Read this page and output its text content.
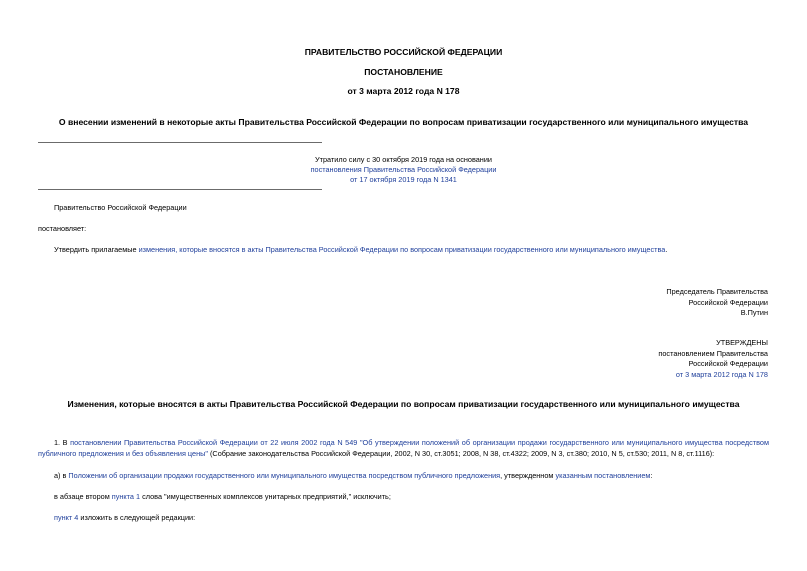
ПРАВИТЕЛЬСТВО РОССИЙСКОЙ ФЕДЕРАЦИИ
ПОСТАНОВЛЕНИЕ
от 3 марта 2012 года N 178
О внесении изменений в некоторые акты Правительства Российской Федерации по вопросам приватизации государственного или муниципального имущества
Утратило силу с 30 октября 2019 года на основании
постановления Правительства Российской Федерации
от 17 октября 2019 года N 1341
Правительство Российской Федерации
постановляет:
Утвердить прилагаемые изменения, которые вносятся в акты Правительства Российской Федерации по вопросам приватизации государственного или муниципального имущества.

Председатель Правительства

Российской Федерации

В.Путин

УТВЕРЖДЕНЫ

постановлением Правительства

Российской Федерации

от 3 марта 2012 года N 178

Изменения, которые вносятся в акты Правительства Российской Федерации по вопросам приватизации государственного или муниципального имущества
1. В постановлении Правительства Российской Федерации от 22 июля 2002 года N 549 "Об утверждении положений об организации продажи государственного или муниципального имущества посредством публичного предложения и без объявления цены" (Собрание законодательства Российской Федерации, 2002, N 30, ст.3051; 2008, N 38, ст.4322; 2009, N 3, ст.380; 2010, N 5, ст.530; 2011, N 8, ст.1116):
а) в Положении об организации продажи государственного или муниципального имущества посредством публичного предложения, утвержденном указанным постановлением:
в абзаце втором пункта 1 слова "имущественных комплексов унитарных предприятий," исключить;
пункт 4 изложить в следующей редакции:
